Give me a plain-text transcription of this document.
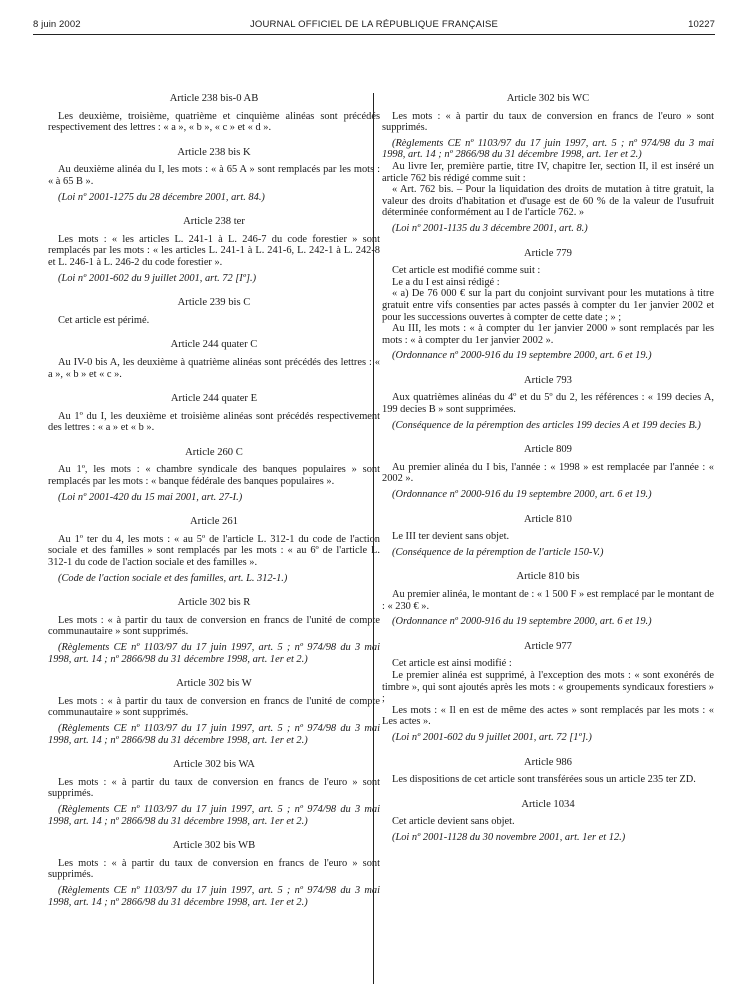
8 juin 2002	JOURNAL OFFICIEL DE LA RÉPUBLIQUE FRANÇAISE	10227
Article 238 bis-0 AB

Les deuxième, troisième, quatrième et cinquième alinéas sont précédés respectivement des lettres : « a », « b », « c » et « d ».

Article 238 bis K

Au deuxième alinéa du I, les mots : « à 65 A » sont remplacés par les mots : « à 65 B ».

(Loi nº 2001-1275 du 28 décembre 2001, art. 84.)

Article 238 ter

Les mots : « les articles L. 241-1 à L. 246-7 du code forestier » sont remplacés par les mots : « les articles L. 241-1 à L. 241-6, L. 242-1 à L. 242-8 et L. 246-1 à L. 246-2 du code forestier ».

(Loi nº 2001-602 du 9 juillet 2001, art. 72 [Iº].)

Article 239 bis C

Cet article est périmé.

Article 244 quater C

Au IV-0 bis A, les deuxième à quatrième alinéas sont précédés des lettres : « a », « b » et « c ».

Article 244 quater E

Au 1º du I, les deuxième et troisième alinéas sont précédés respectivement des lettres : « a » et « b ».

Article 260 C

Au 1º, les mots : « chambre syndicale des banques populaires » sont remplacés par les mots : « banque fédérale des banques populaires ».

(Loi nº 2001-420 du 15 mai 2001, art. 27-I.)

Article 261

Au 1º ter du 4, les mots : « au 5º de l'article L. 312-1 du code de l'action sociale et des familles » sont remplacés par les mots : « au 6º de l'article L. 312-1 du code de l'action sociale et des familles ».

(Code de l'action sociale et des familles, art. L. 312-1.)

Article 302 bis R

Les mots : « à partir du taux de conversion en francs de l'unité de compte communautaire » sont supprimés.

(Règlements CE nº 1103/97 du 17 juin 1997, art. 5 ; nº 974/98 du 3 mai 1998, art. 14 ; nº 2866/98 du 31 décembre 1998, art. 1er et 2.)

Article 302 bis W

Les mots : « à partir du taux de conversion en francs de l'unité de compte communautaire » sont supprimés.

(Règlements CE nº 1103/97 du 17 juin 1997, art. 5 ; nº 974/98 du 3 mai 1998, art. 14 ; nº 2866/98 du 31 décembre 1998, art. 1er et 2.)

Article 302 bis WA

Les mots : « à partir du taux de conversion en francs de l'euro » sont supprimés.

(Règlements CE nº 1103/97 du 17 juin 1997, art. 5 ; nº 974/98 du 3 mai 1998, art. 14 ; nº 2866/98 du 31 décembre 1998, art. 1er et 2.)

Article 302 bis WB

Les mots : « à partir du taux de conversion en francs de l'euro » sont supprimés.

(Règlements CE nº 1103/97 du 17 juin 1997, art. 5 ; nº 974/98 du 3 mai 1998, art. 14 ; nº 2866/98 du 31 décembre 1998, art. 1er et 2.)

Article 302 bis WC

Les mots : « à partir du taux de conversion en francs de l'euro » sont supprimés.

(Règlements CE nº 1103/97 du 17 juin 1997, art. 5 ; nº 974/98 du 3 mai 1998, art. 14 ; nº 2866/98 du 31 décembre 1998, art. 1er et 2.)

Au livre Ier, première partie, titre IV, chapitre Ier, section II, il est inséré un article 762 bis rédigé comme suit :

« Art. 762 bis. – Pour la liquidation des droits de mutation à titre gratuit, la valeur des droits d'habitation et d'usage est de 60 % de la valeur de l'usufruit déterminée conformément au I de l'article 762. »

(Loi nº 2001-1135 du 3 décembre 2001, art. 8.)

Article 779

Cet article est modifié comme suit :

Le a du I est ainsi rédigé :

« a) De 76 000 € sur la part du conjoint survivant pour les mutations à titre gratuit entre vifs consenties par actes passés à compter du 1er janvier 2002 et pour les successions ouvertes à compter de cette date ; » ;

Au III, les mots : « à compter du 1er janvier 2000 » sont remplacés par les mots : « à compter du 1er janvier 2002 ».

(Ordonnance nº 2000-916 du 19 septembre 2000, art. 6 et 19.)

Article 793

Aux quatrièmes alinéas du 4º et du 5º du 2, les références : « 199 decies A, 199 decies B » sont supprimées.

(Conséquence de la péremption des articles 199 decies A et 199 decies B.)

Article 809

Au premier alinéa du I bis, l'année : « 1998 » est remplacée par l'année : « 2002 ».

(Ordonnance nº 2000-916 du 19 septembre 2000, art. 6 et 19.)

Article 810

Le III ter devient sans objet.

(Conséquence de la péremption de l'article 150-V.)

Article 810 bis

Au premier alinéa, le montant de : « 1 500 F » est remplacé par le montant de : « 230 € ».

(Ordonnance nº 2000-916 du 19 septembre 2000, art. 6 et 19.)

Article 977

Cet article est ainsi modifié :

Le premier alinéa est supprimé, à l'exception des mots : « sont exonérés de timbre », qui sont ajoutés après les mots : « groupements syndicaux forestiers » ;

Les mots : « Il en est de même des actes » sont remplacés par les mots : « Les actes ».

(Loi nº 2001-602 du 9 juillet 2001, art. 72 [1º].)

Article 986

Les dispositions de cet article sont transférées sous un article 235 ter ZD.

Article 1034

Cet article devient sans objet.

(Loi nº 2001-1128 du 30 novembre 2001, art. 1er et 12.)
